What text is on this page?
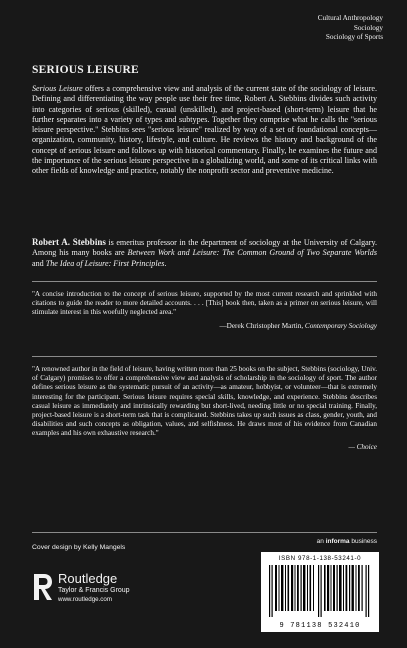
Cultural Anthropology
Sociology
Sociology of Sports
SERIOUS LEISURE
Serious Leisure offers a comprehensive view and analysis of the current state of the sociology of leisure. Defining and differentiating the way people use their free time, Robert A. Stebbins divides such activity into categories of serious (skilled), casual (unskilled), and project-based (short-term) leisure that he further separates into a variety of types and subtypes. Together they comprise what he calls the "serious leisure perspective." Stebbins sees "serious leisure" realized by way of a set of foundational concepts—organization, community, history, lifestyle, and culture. He reviews the history and background of the concept of serious leisure and follows up with historical commentary. Finally, he examines the future and the importance of the serious leisure perspective in a globalizing world, and some of its critical links with other fields of knowledge and practice, notably the nonprofit sector and preventive medicine.
Robert A. Stebbins is emeritus professor in the department of sociology at the University of Calgary. Among his many books are Between Work and Leisure: The Common Ground of Two Separate Worlds and The Idea of Leisure: First Principles.
"A concise introduction to the concept of serious leisure, supported by the most current research and sprinkled with citations to guide the reader to more detailed accounts. . . . [This] book then, taken as a primer on serious leisure, will stimulate interest in this woefully neglected area."
—Derek Christopher Martin, Contemporary Sociology
"A renowned author in the field of leisure, having written more than 25 books on the subject, Stebbins (sociology, Univ. of Calgary) promises to offer a comprehensive view and analysis of scholarship in the sociology of sport. The author defines serious leisure as the systematic pursuit of an activity—as amateur, hobbyist, or volunteer—that is extremely interesting for the participant. Serious leisure requires special skills, knowledge, and experience. Stebbins describes casual leisure as immediately and intrinsically rewarding but short-lived, needing little or no special training. Finally, project-based leisure is a short-term task that is complicated. Stebbins takes up such issues as class, gender, youth, and disabilities and such concepts as obligation, values, and selfishness. He draws most of his evidence from Canadian examples and his own exhaustive research."
— Choice
Cover design by Kelly Mangels
an informa business
Routledge
Taylor & Francis Group
www.routledge.com
ISBN 978-1-138-53241-0
9 781138 532410
